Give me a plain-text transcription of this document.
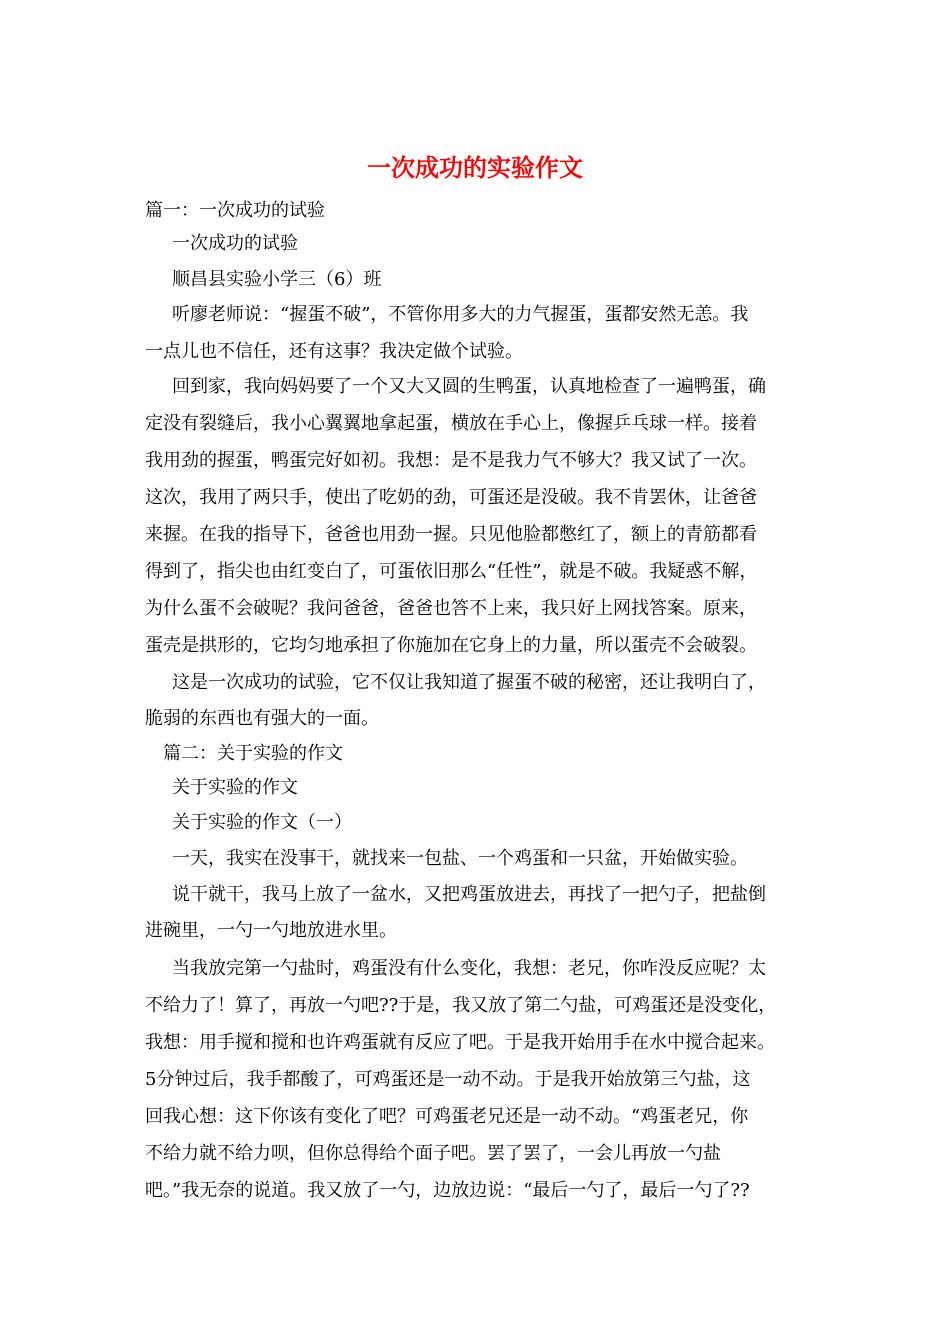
一次成功的实验作文
篇一：一次成功的试验
一次成功的试验
顺昌县实验小学三（6）班
听廖老师说：“握蛋不破”，不管你用多大的力气握蛋，蛋都安然无恙。我
一点儿也不信任，还有这事？我决定做个试验。
回到家，我向妈妈要了一个又大又圆的生鸭蛋，认真地检查了一遍鸭蛋，确
定没有裂缝后，我小心翼翼地拿起蛋，横放在手心上，像握乒乓球一样。接着
我用劲的握蛋，鸭蛋完好如初。我想：是不是我力气不够大？我又试了一次。
这次，我用了两只手，使出了吃奶的劲，可蛋还是没破。我不肯罢休，让爸爸
来握。在我的指导下，爸爸也用劲一握。只见他脸都憋红了，额上的青筋都看
得到了，指尖也由红变白了，可蛋依旧那么“任性”，就是不破。我疑惑不解，
为什么蛋不会破呢？我问爸爸，爸爸也答不上来，我只好上网找答案。原来，
蛋壳是拱形的，它均匀地承担了你施加在它身上的力量，所以蛋壳不会破裂。
这是一次成功的试验，它不仅让我知道了握蛋不破的秘密，还让我明白了，
脆弱的东西也有强大的一面。
篇二：关于实验的作文
关于实验的作文
关于实验的作文（一）
一天，我实在没事干，就找来一包盐、一个鸡蛋和一只盆，开始做实验。
说干就干，我马上放了一盆水，又把鸡蛋放进去，再找了一把勺子，把盐倒
进碗里，一勺一勺地放进水里。
当我放完第一勺盐时，鸡蛋没有什么变化，我想：老兄，你咋没反应呢？太
不给力了！算了，再放一勺吧??于是，我又放了第二勺盐，可鸡蛋还是没变化，
我想：用手搅和搅和也许鸡蛋就有反应了吧。于是我开始用手在水中搅合起来。
5分钟过后，我手都酸了，可鸡蛋还是一动不动。于是我开始放第三勺盐，这
回我心想：这下你该有变化了吧？可鸡蛋老兄还是一动不动。“鸡蛋老兄，你
不给力就不给力呗，但你总得给个面子吧。罢了罢了，一会儿再放一勺盐
吧。”我无奈的说道。我又放了一勺，边放边说：“最后一勺了，最后一勺了??
